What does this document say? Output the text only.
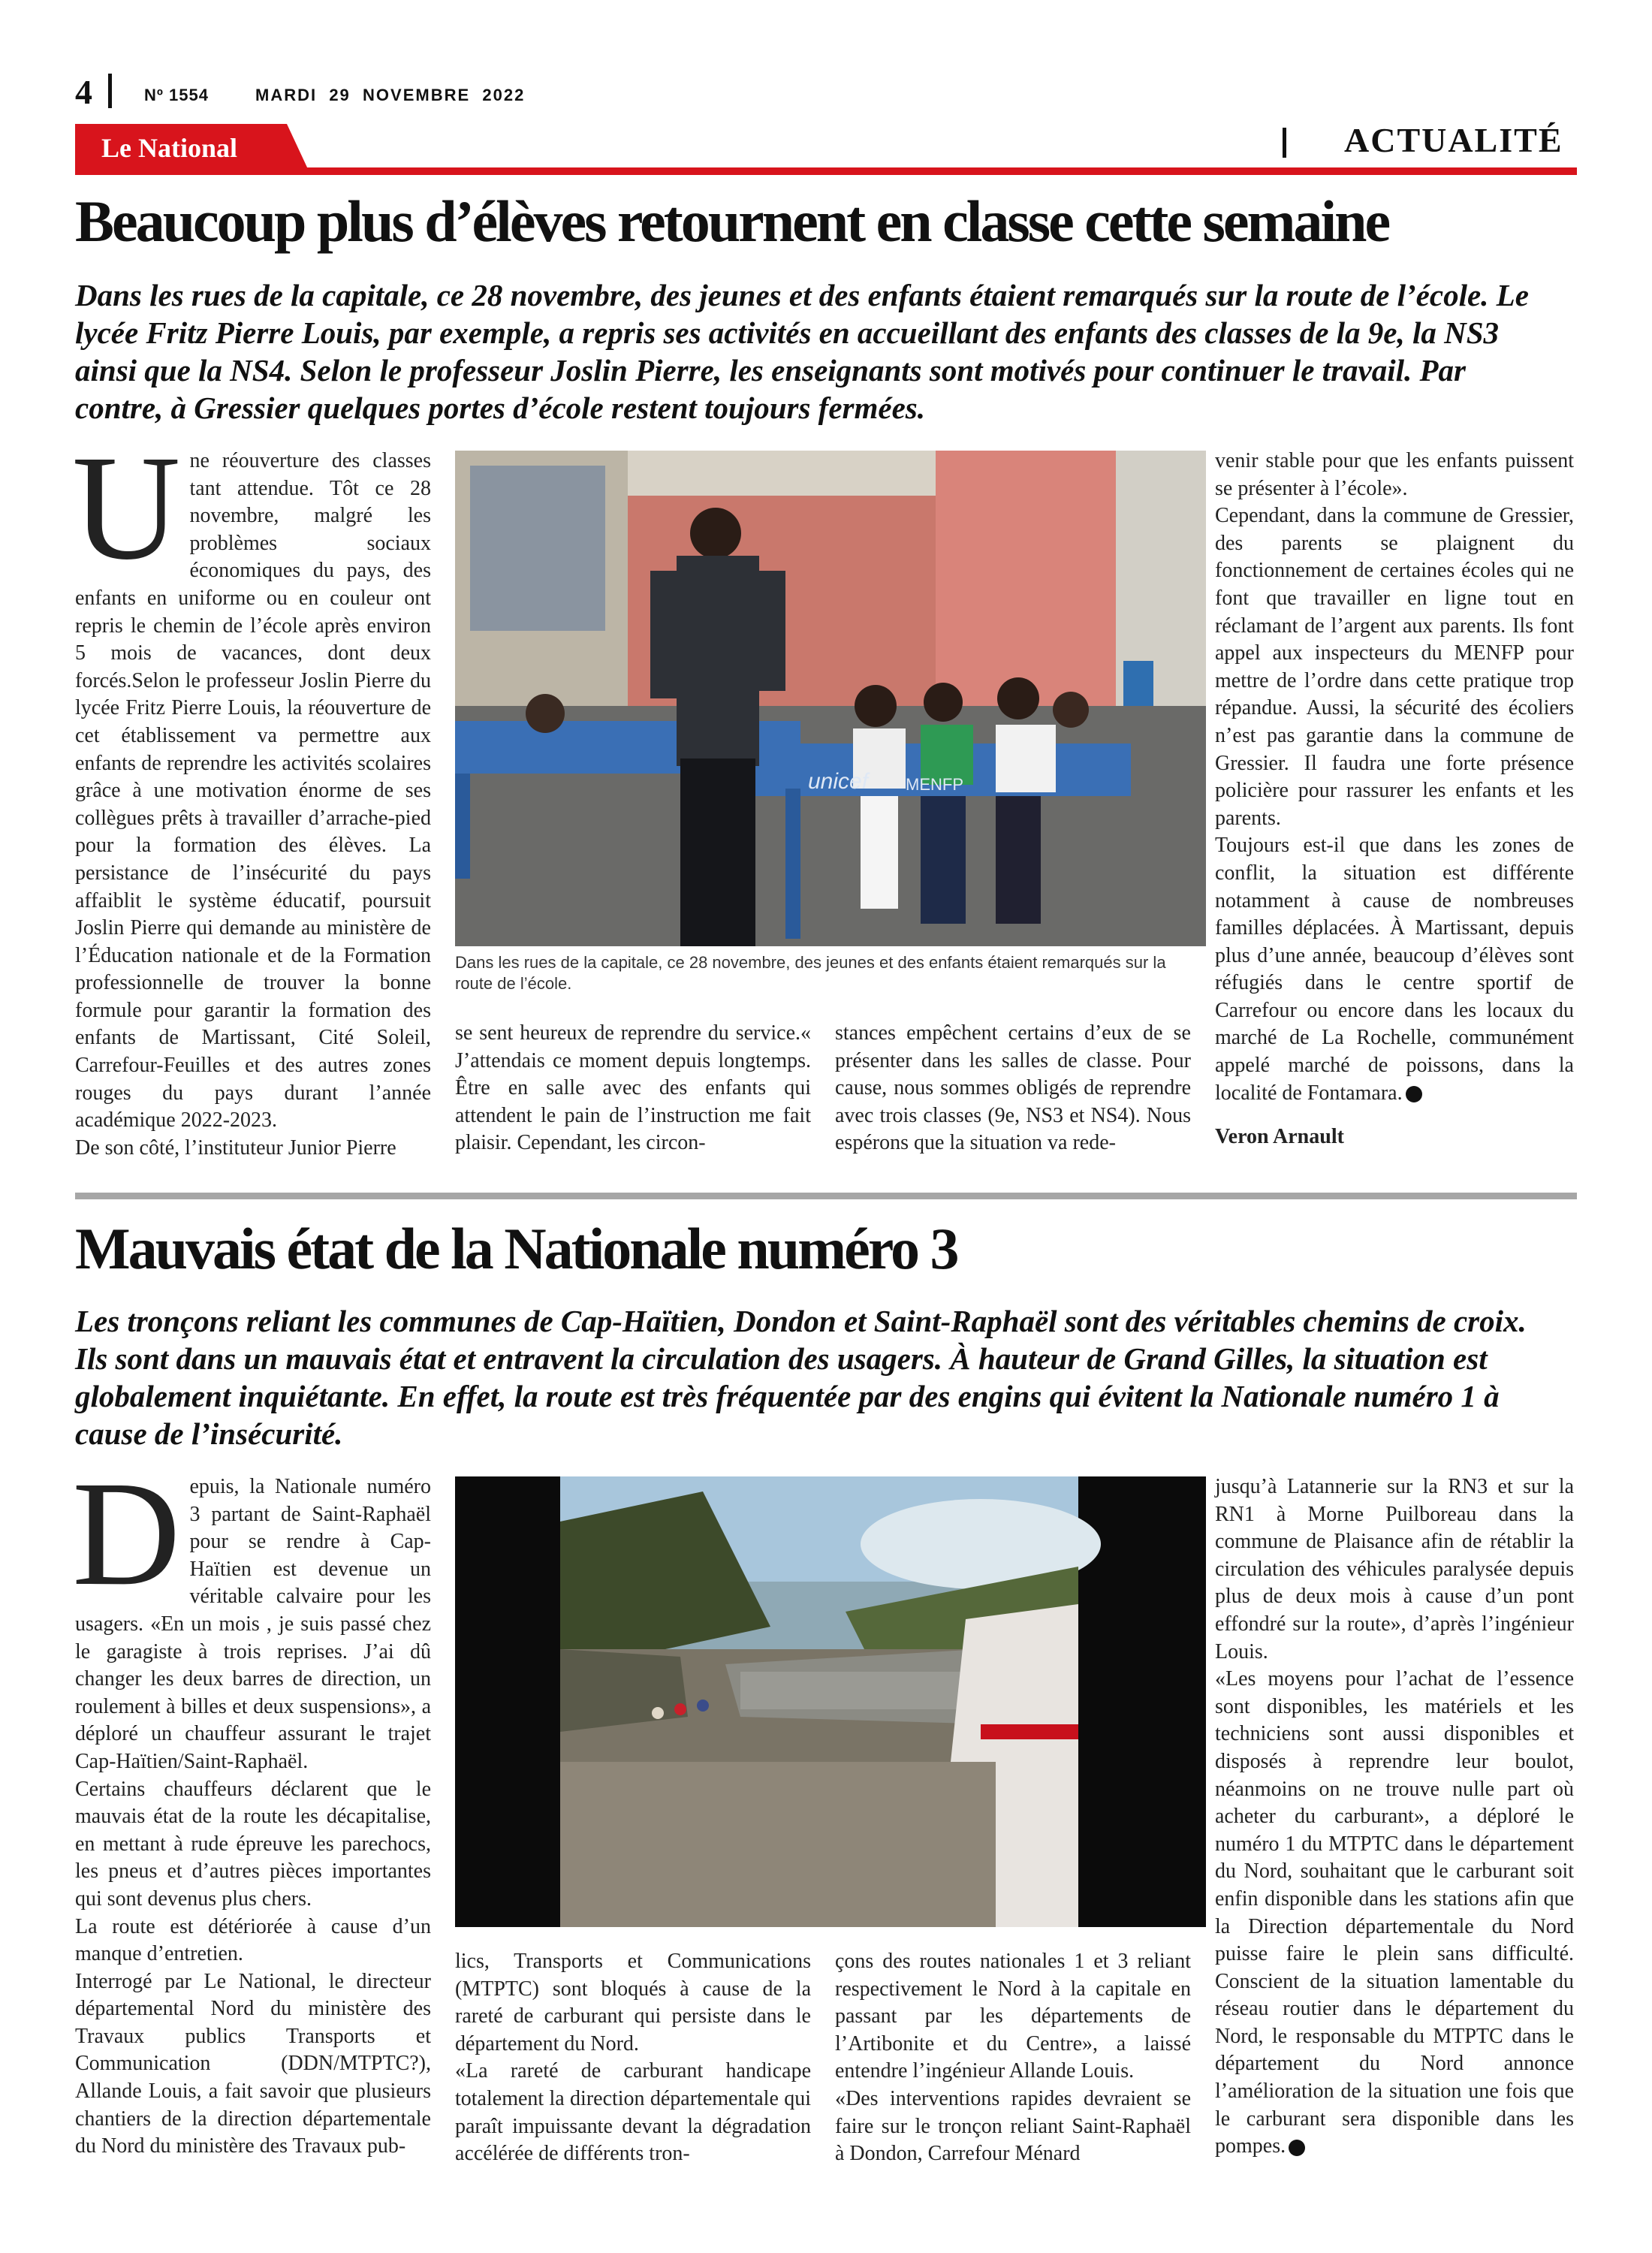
4	Nº 1554	MARDI  29  NOVEMBRE  2022
Le National	ACTUALITÉ
Beaucoup plus d’élèves retournent en classe cette semaine
Dans les rues de la capitale, ce 28 novembre, des jeunes et des enfants étaient remarqués sur la route de l’école. Le lycée Fritz Pierre Louis, par exemple, a repris ses activités en accueillant des enfants des classes de la 9e, la NS3 ainsi que la NS4. Selon le professeur Joslin Pierre, les enseignants sont motivés pour continuer le travail. Par contre, à Gressier quelques portes d’école restent toujours fermées.
U ne réouverture des classes tant attendue. Tôt ce 28 novembre, malgré les problèmes sociaux économiques du pays, des enfants en uniforme ou en couleur ont repris le chemin de l’école après environ 5 mois de vacances, dont deux forcés.Selon le professeur Joslin Pierre du lycée Fritz Pierre Louis, la réouverture de cet établissement va permettre aux enfants de reprendre les activités scolaires grâce à une motivation énorme de ses collègues prêts à travailler d’arrache-pied pour la formation des élèves. La persistance de l’insécurité du pays affaiblit le système éducatif, poursuit Joslin Pierre qui demande au ministère de l’Éducation nationale et de la Formation professionnelle de trouver la bonne formule pour garantir la formation des enfants de Martissant, Cité Soleil, Carrefour-Feuilles et des autres zones rouges du pays durant l’année académique 2022-2023.

De son côté, l’instituteur Junior Pierre

unicef MENFP
Dans les rues de la capitale, ce 28 novembre, des jeunes et des enfants étaient remarqués sur la route de l’école.

se sent heureux de reprendre du service.« J’attendais ce moment depuis longtemps. Être en salle avec des enfants qui attendent le pain de l’instruction me fait plaisir. Cependant, les circon-

stances empêchent certains d’eux de se présenter dans les salles de classe. Pour cause, nous sommes obligés de reprendre avec trois classes (9e, NS3 et NS4). Nous espérons que la situation va rede-

venir stable pour que les enfants puissent se présenter à l’école».

Cependant, dans la commune de Gressier, des parents se plaignent du fonctionnement de certaines écoles qui ne font que travailler en ligne tout en réclamant de l’argent aux parents. Ils font appel aux inspecteurs du MENFP pour mettre de l’ordre dans cette pratique trop répandue. Aussi, la sécurité des écoliers n’est pas garantie dans la commune de Gressier. Il faudra une forte présence policière pour rassurer les enfants et les parents.

Toujours est-il que dans les zones de conflit, la situation est différente notamment à cause de nombreuses familles déplacées. À Martissant, depuis plus d’une année, beaucoup d’élèves sont réfugiés dans le centre sportif de Carrefour ou encore dans les locaux du marché de La Rochelle, communément appelé marché de poissons, dans la localité de Fontamara.

Veron Arnault

Mauvais état de la Nationale numéro 3
Les tronçons reliant les communes de Cap-Haïtien, Dondon et Saint-Raphaël sont des véritables chemins de croix. Ils sont dans un mauvais état et entravent la circulation des usagers. À hauteur de Grand Gilles, la situation est globalement inquiétante. En effet, la route est très fréquentée par des engins qui évitent la Nationale numéro 1 à cause de l’insécurité.
D epuis, la Nationale numéro 3 partant de Saint-Raphaël pour se rendre à Cap-Haïtien est devenue un véritable calvaire pour les usagers. «En un mois , je suis passé chez le garagiste à trois reprises. J’ai dû changer les deux barres de direction, un roulement à billes et deux suspensions», a déploré un chauffeur assurant le trajet Cap-Haïtien/Saint-Raphaël.

Certains chauffeurs déclarent que le mauvais état de la route les décapitalise, en mettant à rude épreuve les parechocs, les pneus et d’autres pièces importantes qui sont devenus plus chers.

La route est détériorée à cause d’un manque d’entretien.

Interrogé par Le National, le directeur départemental Nord du ministère des Travaux publics Transports et Communication (DDN/MTPTC?), Allande Louis, a fait savoir que plusieurs chantiers de la direction départementale du Nord du ministère des Travaux pub-

lics, Transports et Communications (MTPTC) sont bloqués à cause de la rareté de carburant qui persiste dans le département du Nord.

«La rareté de carburant handicape totalement la direction départementale qui paraît impuissante devant la dégradation accélérée de différents tron-

çons des routes nationales 1 et 3 reliant respectivement le Nord à la capitale en passant par les départements de l’Artibonite et du Centre», a laissé entendre l’ingénieur Allande Louis.

«Des interventions rapides devraient se faire sur le tronçon reliant Saint-Raphaël à Dondon, Carrefour Ménard

jusqu’à Latannerie sur la RN3 et sur la RN1 à Morne Puilboreau dans la commune de Plaisance afin de rétablir la circulation des véhicules paralysée depuis plus de deux mois à cause d’un pont effondré sur la route», d’après l’ingénieur Louis.

«Les moyens pour l’achat de l’essence sont disponibles, les matériels et les techniciens sont aussi disponibles et disposés à reprendre leur boulot, néanmoins on ne trouve nulle part où acheter du carburant», a déploré le numéro 1 du MTPTC dans le département du Nord, souhaitant que le carburant soit enfin disponible dans les stations afin que la Direction départementale du Nord puisse faire le plein sans difficulté. Conscient de la situation lamentable du réseau routier dans le département du Nord, le responsable du MTPTC dans le département du Nord annonce l’amélioration de la situation une fois que le carburant sera disponible dans les pompes.
